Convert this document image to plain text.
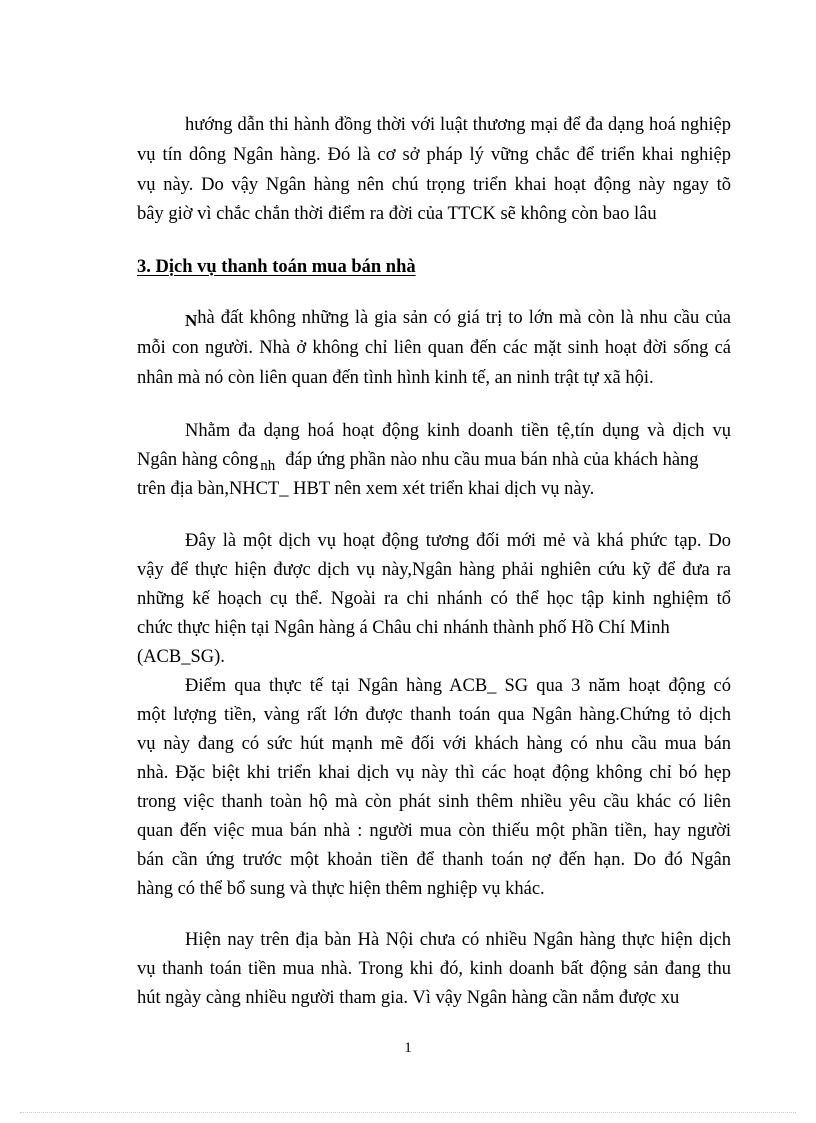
hướng dẫn thi hành đồng thời với luật thương mại để đa dạng hoá nghiệp
vụ tín dông Ngân hàng. Đó là cơ sở pháp lý vững chắc để triển khai nghiệp
vụ này. Do vậy Ngân hàng nên chú trọng triển khai hoạt động này ngay tõ
bây giờ vì chắc chắn thời điểm ra đời của TTCK sẽ không còn bao lâu
Nhà đất không những là gia sản có giá trị to lớn mà còn là nhu cầu của
mỗi con người. Nhà ở không chỉ liên quan đến các mặt sinh hoạt đời sống cá
nhân mà nó còn liên quan đến tình hình kinh tế, an ninh trật tự xã hội.
Nhằm đa dạng hoá hoạt động kinh doanh tiền tệ,tín dụng và dịch vụ
Ngân hàng công $_{nh}$ đáp ứng phần nào nhu cầu mua bán nhà của khách hàng
trên địa bàn,NHCT_ HBT nên xem xét triển khai dịch vụ này.
Đây là một dịch vụ hoạt động tương đối mới mẻ và khá phức tạp. Do
vậy để thực hiện được dịch vụ này,Ngân hàng phải nghiên cứu kỹ để đưa ra
những kế hoạch cụ thể. Ngoài ra chi nhánh có thể học tập kinh nghiệm tổ
chức thực hiện tại Ngân hàng á Châu chi nhánh thành phố Hồ Chí Minh
(ACB_SG).
Điểm qua thực tế tại Ngân hàng ACB_ SG qua 3 năm hoạt động có
một lượng tiền, vàng rất lớn được thanh toán qua Ngân hàng.Chứng tỏ dịch
vụ này đang có sức hút mạnh mẽ đối với khách hàng có nhu cầu mua bán
nhà. Đặc biệt khi triển khai dịch vụ này thì các hoạt động không chỉ bó hẹp
trong việc thanh toàn hộ mà còn phát sinh thêm nhiều yêu cầu khác có liên
quan đến việc mua bán nhà : người mua còn thiếu một phần tiền, hay người
bán cần ứng trước một khoản tiền để thanh toán nợ đến hạn. Do đó Ngân
hàng có thể bổ sung và thực hiện thêm nghiệp vụ khác.
Hiện nay trên địa bàn Hà Nội chưa có nhiều Ngân hàng thực hiện dịch
vụ thanh toán tiền mua nhà. Trong khi đó, kinh doanh bất động sản đang thu
hút ngày càng nhiều người tham gia. Vì vậy Ngân hàng cần nắm được xu
3. Dịch vụ thanh toán mua bán nhà
1
